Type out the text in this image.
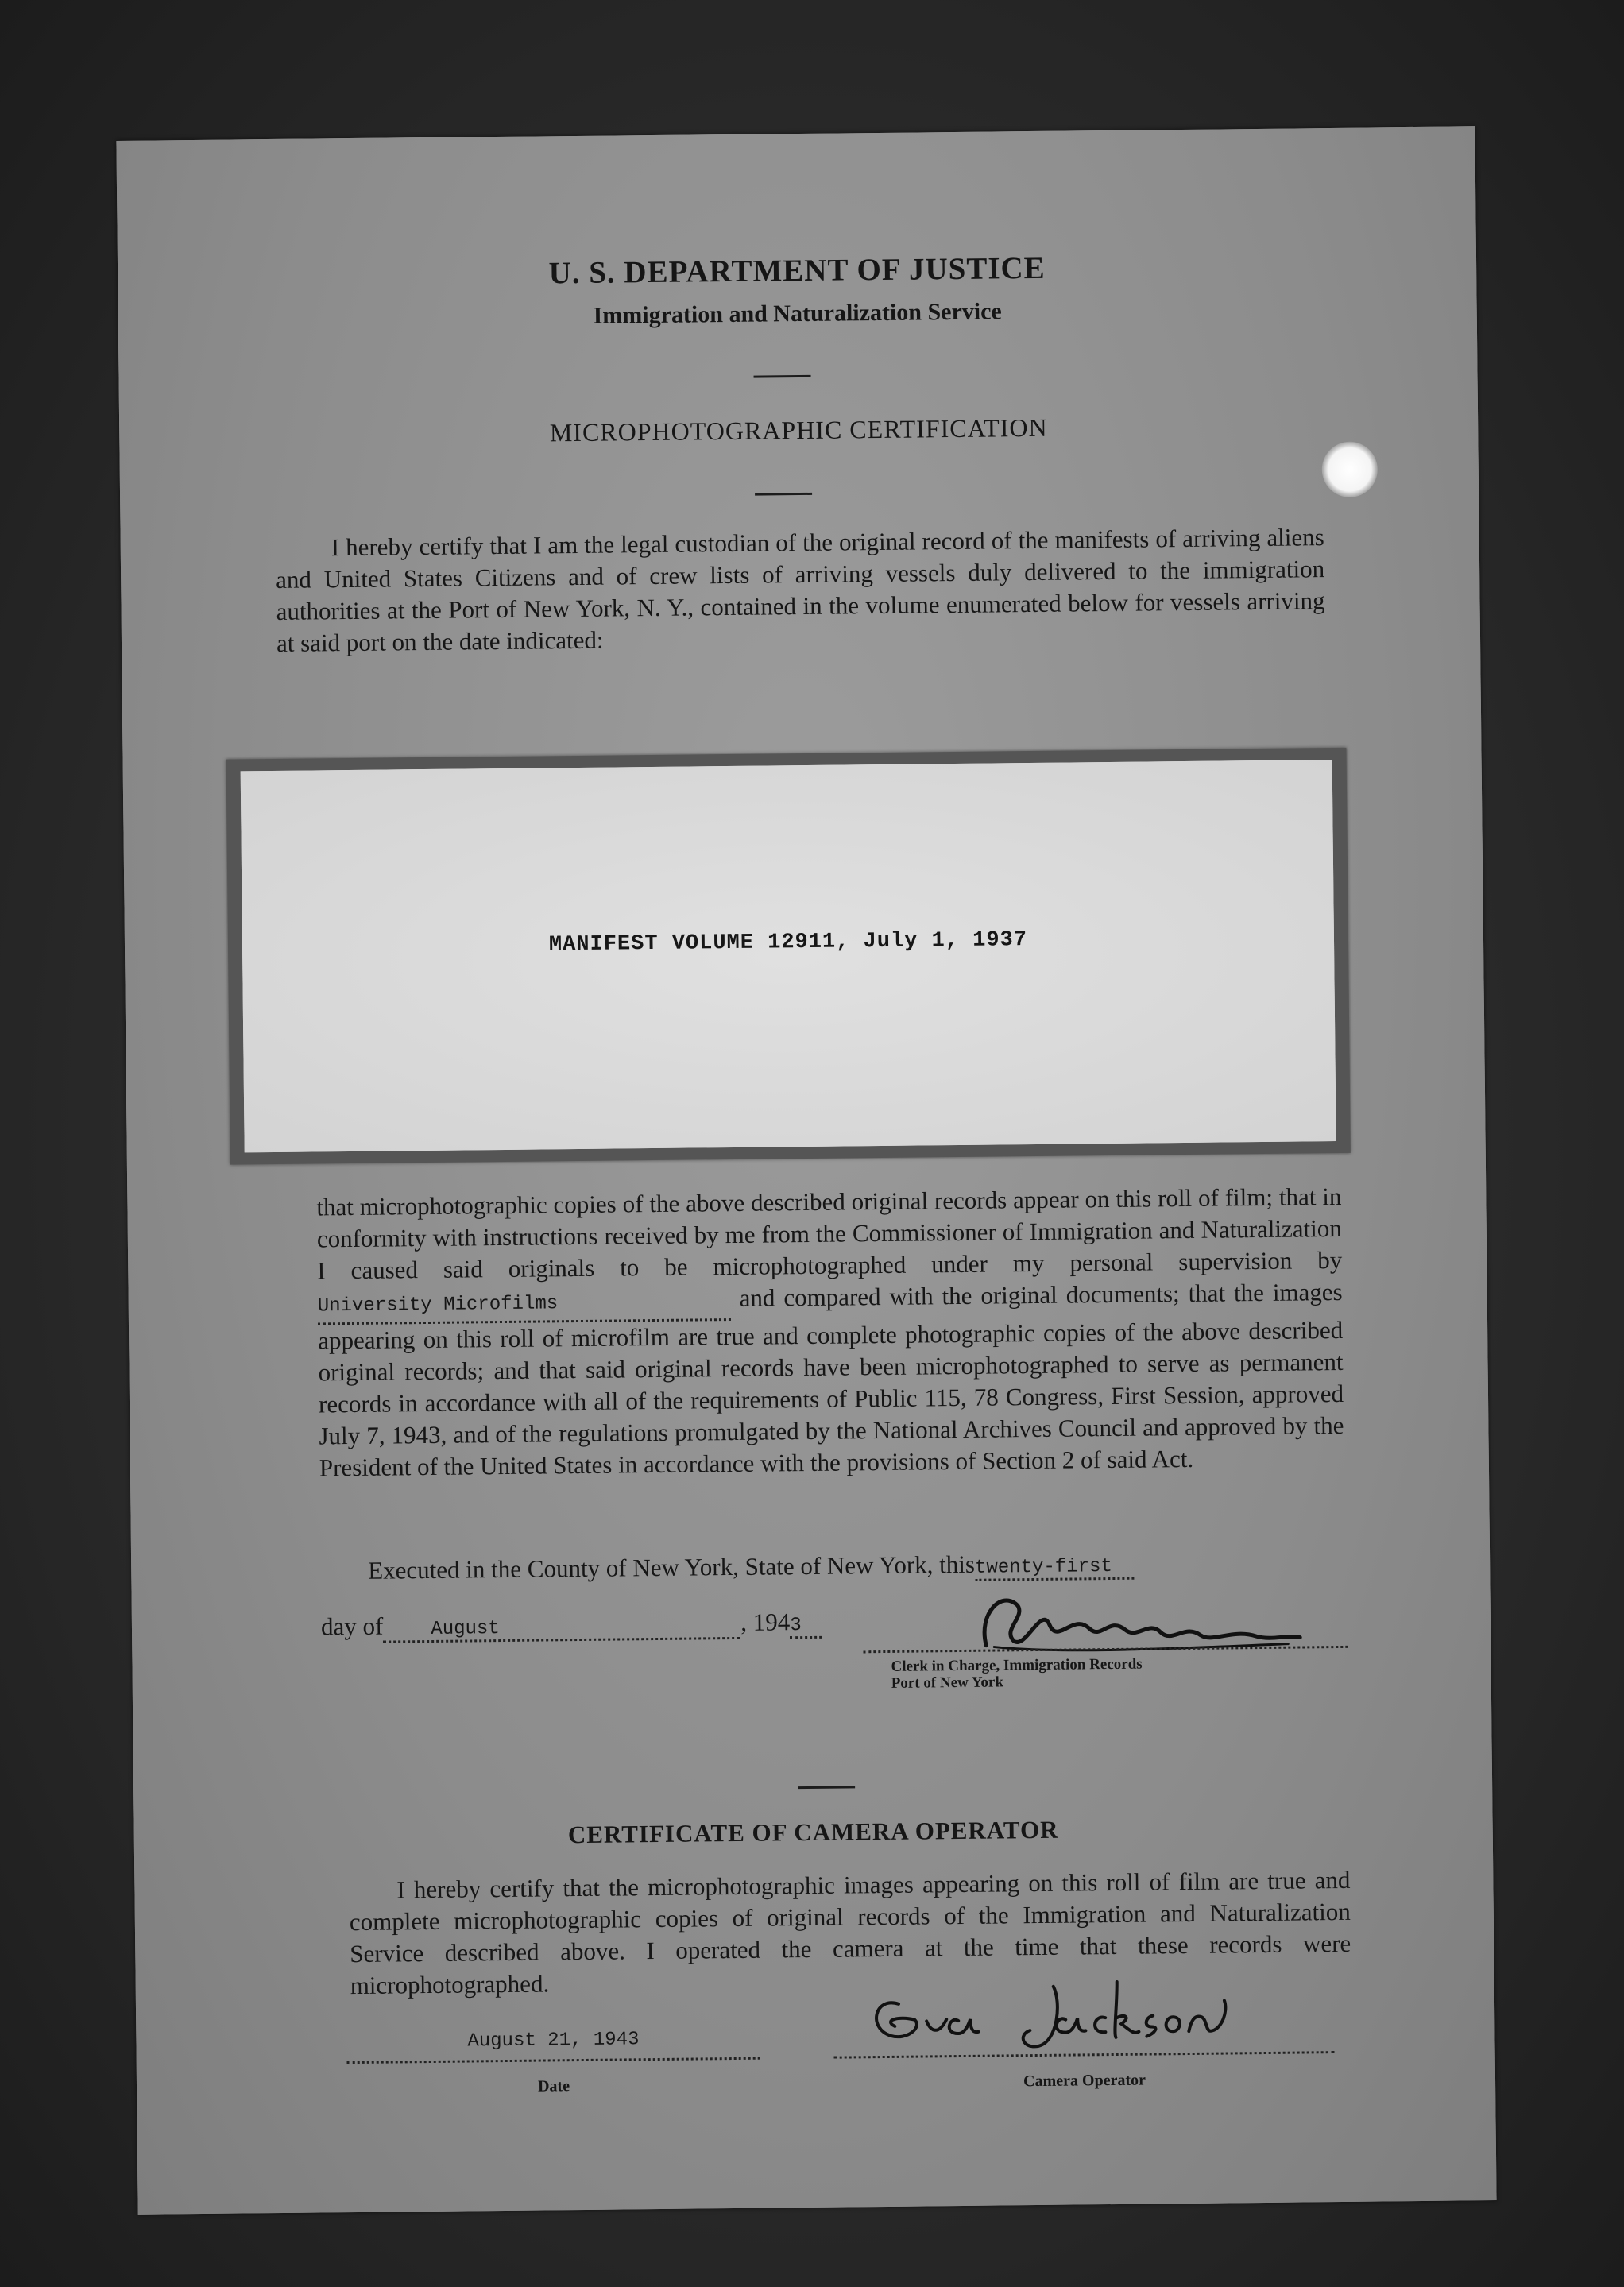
U. S. DEPARTMENT OF JUSTICE
Immigration and Naturalization Service
MICROPHOTOGRAPHIC CERTIFICATION
I hereby certify that I am the legal custodian of the original record of the manifests of arriving aliens and United States Citizens and of crew lists of arriving vessels duly delivered to the immigration authorities at the Port of New York, N. Y., contained in the volume enumerated below for vessels arriving at said port on the date indicated:
MANIFEST VOLUME 12911, July 1, 1937
that microphotographic copies of the above described original records appear on this roll of film; that in conformity with instructions received by me from the Commissioner of Immigration and Naturalization I caused said originals to be microphotographed under my personal supervision by University Microfilms	and compared with the original documents; that the images appearing on this roll of microfilm are true and complete photographic copies of the above described original records; and that said original records have been microphotographed to serve as permanent records in accordance with all of the requirements of Public 115, 78 Congress, First Session, approved July 7, 1943, and of the regulations promulgated by the National Archives Council and approved by the President of the United States in accordance with the provisions of Section 2 of said Act.
Executed in the County of New York, State of New York, thistwenty-first
day of August	, 1943
Clerk in Charge, Immigration Records
Port of New York
CERTIFICATE OF CAMERA OPERATOR
I hereby certify that the microphotographic images appearing on this roll of film are true and complete microphotographic copies of original records of the Immigration and Naturalization Service described above. I operated the camera at the time that these records were microphotographed.
August 21, 1943
Date	Camera Operator
